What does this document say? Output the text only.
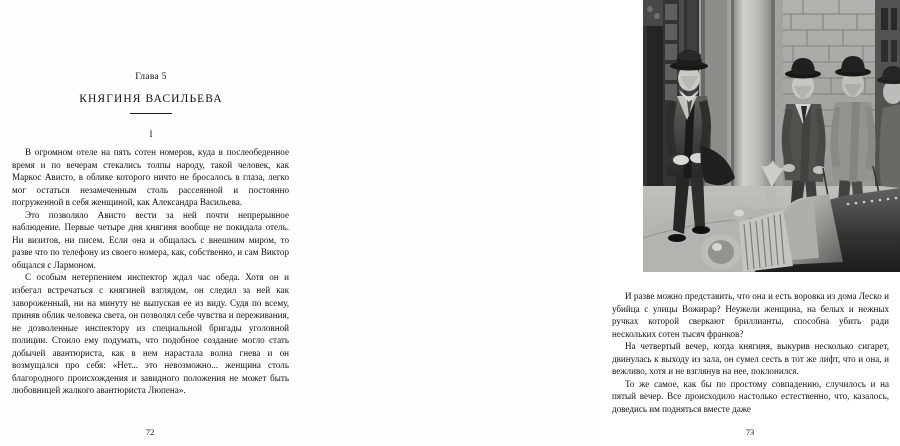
Глава 5

КНЯГИНЯ ВАСИЛЬЕВА

I

В огромном отеле на пять сотен номеров, куда в послеобеденное время и по вечерам стекались толпы народу, такой человек, как Маркос Ависто, в облике которого ничто не бросалось в глаза, легко мог остаться незамеченным столь рассеянной и постоянно погруженной в себя женщиной, как Александра Васильева.

Это позволяло Ависто вести за ней почти непрерывное наблюдение. Первые четыре дня княгиня вообще не покидала отель. Ни визитов, ни писем. Если она и общалась с внешним миром, то разве что по телефону из своего номера, как, собственно, и сам Виктор общался с Лармоном.

С особым нетерпением инспектор ждал час обеда. Хотя он и избегал встречаться с княгиней взглядом, он следил за ней как завороженный, ни на минуту не выпуская ее из виду. Судя по всему, приняв облик человека света, он позволял себе чувства и переживания, не дозволенные инспектору из специальной бригады уголовной полиции. Стоило ему подумать, что подобное создание могло стать добычей авантюриста, как в нем нарастала волна гнева и он возмущался про себя: «Нет... это невозможно... женщина столь благородного происхождения и завидного положения не может быть любовницей жалкого авантюриста Люпена».

72

И разве можно представить, что она и есть воровка из дома Леско и убийца с улицы Вожирар? Неужели женщина, на белых и нежных ручках которой сверкают бриллианты, способна убить ради нескольких сотен тысяч франков?

На четвертый вечер, когда княгиня, выкурив несколько сигарет, двинулась к выходу из зала, он сумел сесть в тот же лифт, что и она, и вежливо, хотя и не взглянув на нее, поклонился.

То же самое, как бы по простому совпадению, случилось и на пятый вечер. Все происходило настолько естественно, что, казалось, доведись им подняться вместе даже

73
